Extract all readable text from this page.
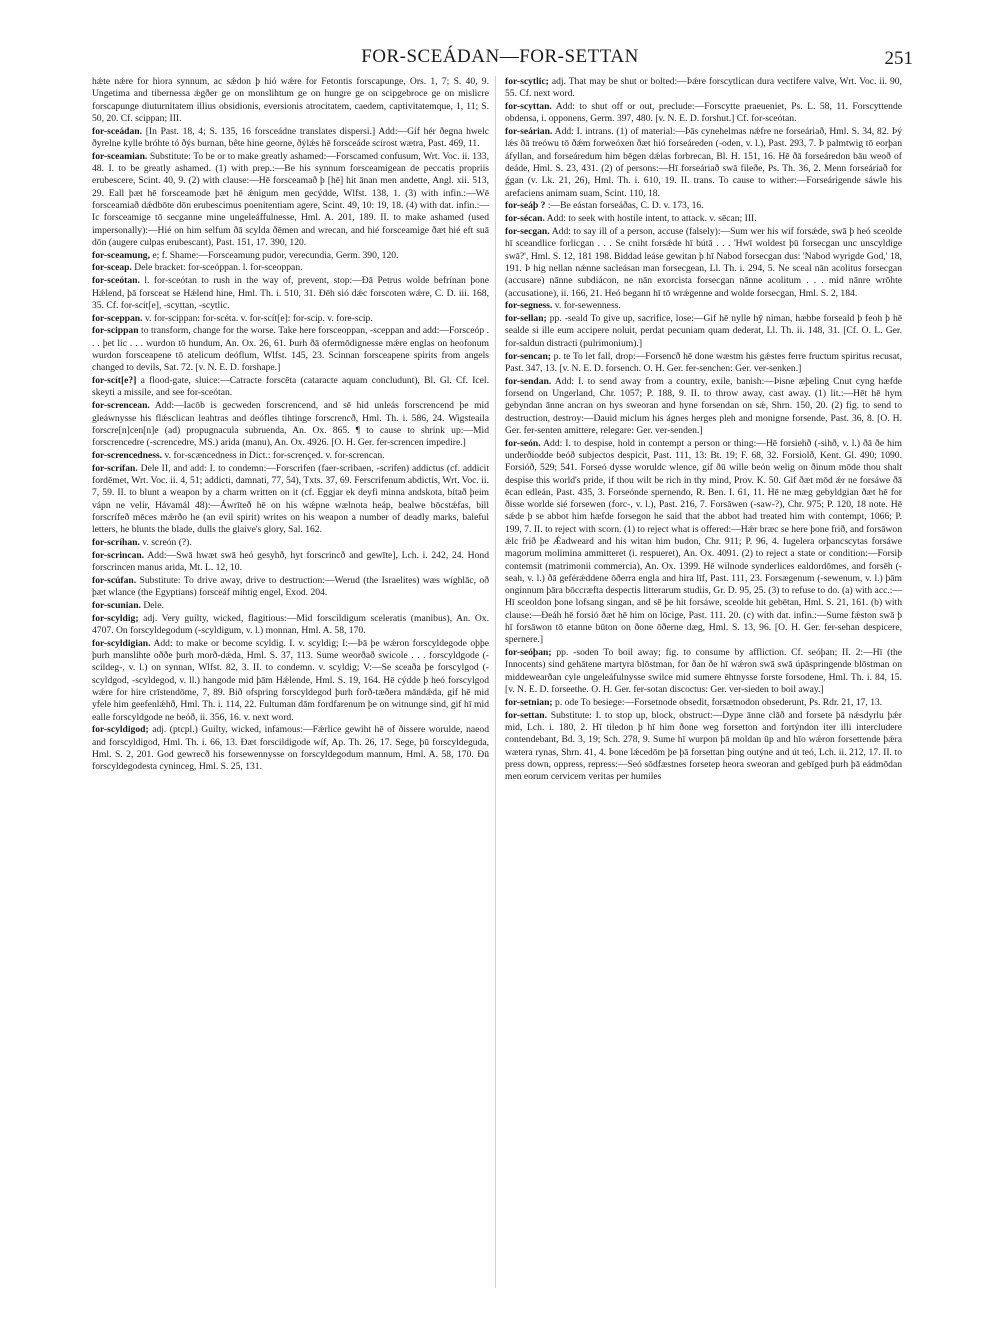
FOR-SCEÁDAN—FOR-SETTAN	251

hǽte nǽre for hiora synnum, ac sǽdon þ hió wǽre for Fetontis forscapunge, Ors. 1, 7; S. 40, 9. Ungetima and tibernessa ǽgðer ge on monslihtum ge on hungre ge on scipgebroce ge on mislicre forscapunge diuturnitatem illius obsidionis, eversionis atrocitatem, caedem, captivitatemque, 1, 11; S. 50, 20. Cf. scippan; III.

for-sceádan. [In Past. 18, 4; S. 135, 16 forsceádne translates dispersi.] Add:—Gif hér ðegna hwelc ðyrelne kylle bróhte tó ðýs burnan, bête hine georne, ðýlǽs hē forsceáde scírost wætra, Past. 469, 11.

for-sceamian. Substitute: To be or to make greatly ashamed:—Forscamed confusum, Wrt. Voc. ii. 133, 48. I. to be greatly ashamed. (1) with prep.:—Be his synnum forsceamigean de peccatis propriis erubescere, Scint. 40, 9. (2) with clause:—Hē forsceamað þ [hē] hit ānan men andette, Angl. xii. 513, 29. Eall þæt hē forsceamode þæt hē ǽnigum men gecýdde, Wlfst. 138, 1. (3) with infin.:—Wē forsceamiað dǽdbōte dōn erubescimus poenitentiam agere, Scint. 49, 10: 19, 18. (4) with dat. infin.:—Ic forsceamige tō secganne mine ungeleáffulnesse, Hml. A. 201, 189. II. to make ashamed (used impersonally):—Hié on him selfum ðā scylda ðēmen and wrecan, and hié forsceamige ðæt hié eft suā dōn (augere culpas erubescant), Past. 151, 17. 390, 120.

for-sceamung, e; f. Shame:—Forsceamung pudor, verecundia, Germ. 390, 120.

for-sceap. Dele bracket: for-sceóppan. l. for-sceoppan.

for-sceótan. l. for-sceótan to rush in the way of, prevent, stop:—Ðā Petrus wolde befrínan þone Hǽlend, þā forsceat se Hǽlend hine, Hml. Th. i. 510, 31. Ðēh sió dǽc forscoten wǽre, C. D. iii. 168, 35. Cf. for-scít[e], -scyttan, -scytlic.

for-sceppan. v. for-scippan: for-scéta. v. for-scít[e]: for-scip. v. fore-scip.

for-scippan to transform, change for the worse. Take here forsceoppan, -sceppan and add:—Forsceóp . . . þet líc . . . wurdon tō hundum, An. Ox. 26, 61. Þurh ðā ofermōdignesse mǽre englas on heofonum wurdon forsceapene tō atelicum deóflum, Wlfst. 145, 23. Scinnan forsceapene spirits from angels changed to devils, Sat. 72. [v. N. E. D. forshape.]

for-scít[e?] a flood-gate, sluice:—Catracte forscēta (cataracte aquam concludunt), Bl. Gl. Cf. Icel. skeyti a missile, and see for-sceótan.

for-screncean. Add:—Iacōb is gecweden forscrencend, and sē hid unleás forscrencend þe mid gleáwnysse his flǽsclican leahtras and deófles tihtinge forscrencð, Hml. Th. i. 586, 24. Wigsteaila forscre[n]cen[n]e (ad) propugnacula subruenda, An. Ox. 865. ¶ to cause to shrink up:—Mid forscrencedre (-screncedre, MS.) arida (manu), An. Ox. 4926. [O. H. Ger. fer-screncen impedire.]

for-screncedness. v. for-scæncedness in Dict.: for-scrençed. v. for-screncan.

for-scrífan. Dele II, and add: I. to condemn:—Forscrifen (faer-scribaen, -scrifen) addictus (cf. addicit fordēmet, Wrt. Voc. ii. 4, 51; addicti, damnati, 77, 54), Txts. 37, 69. Ferscrifenum abdictis, Wrt. Voc. ii. 7, 59. II. to blunt a weapon by a charm written on it (cf. Eggjar ek deyfi minna andskota, bítað þeim vápn ne velir, Hávamál 48):—Áwrīteð hē on his wǽpne wælnota heáp, bealwe bōcstǽfas, bill forscrífeð mēces mǽrðo he (an evil spirit) writes on his weapon a number of deadly marks, baleful letters, he blunts the blade, dulls the glaive's glory, Sal. 162.

for-scríhan. v. screón (?).

for-scrincan. Add:—Swā hwæt swā heó gesyhð, hyt forscrincð and gewīte], Lch. i. 242, 24. Hond forscrincen manus arida, Mt. L. 12, 10.

for-scúfan. Substitute: To drive away, drive to destruction:—Werud (the Israelites) wæs wíghlāc, oð þæt wlance (the Egyptians) forsceáf mihtig engel, Exod. 204.

for-scunian. Dele.

for-scyldig; adj. Very guilty, wicked, flagitious:—Mid forscildigum sceleratis (manibus), An. Ox. 4707. On forscyldegodum (-scyldigum, v. l.) monnan, Hml. A. 58, 170.

for-scyldigian. Add: to make or become scyldig. I. v. scyldig; I:—Þā þe wǽron forscyldegode oþþe þurh manslihte oððe þurh morð-dǽda, Hml. S. 37, 113. Sume weorðað swicole . . . forscyldgode (-scildeg-, v. l.) on synnan, Wlfst. 82, 3. II. to condemn. v. scyldig; V:—Se sceaða þe forscylgod (-scyldgod, -scyldegod, v. ll.) hangode mid þām Hǽlende, Hml. S. 19, 164. Hē cýdde þ heó forscylgod wǽre for hire crīstendōme, 7, 89. Bið ofspring forscyldegod þurh forð-tæðera māndǽda, gif hē mid yfele him geefenlǽhð, Hml. Th. i. 114, 22. Fultuman dām fordfarenum þe on witnunge sind, gif hī mid ealle forscyldgode ne beóð, ii. 356, 16. v. next word.

for-scyldigod; adj. (ptcpl.) Guilty, wicked, infamous:—Fǽrlice gewiht hē of ðissere worulde, naeod and forscyldigod, Hml. Th. i. 66, 13. Ðæt forscildigode wíf, Ap. Th. 26, 17. Sege, þū forscyldeguda, Hml. S. 2, 201. God gewrecð his forsewennysse on forscyldegodum mannum, Hml. A. 58, 170. Ðū forscyldegodesta cyninceg, Hml. S. 25, 131.

for-scytlic; adj. That may be shut or bolted:—Þǽre forscytlican dura vectifere valve, Wrt. Voc. ii. 90, 55. Cf. next word.

for-scyttan. Add: to shut off or out, preclude:—Forscytte praeueniet, Ps. L. 58, 11. Forscyttende obdensa, i. opponens, Germ. 397, 480. [v. N. E. D. forshut.] Cf. for-sceótan.

for-seárian. Add: I. intrans. (1) of material:—Þās cynehelmas nǽfre ne forseáriað, Hml. S. 34, 82. Þý lǽs ðā treówu tō ðǽm forweóxen ðæt hió forseáreden (-oden, v. l.), Past. 293, 7. Þ palmtwig tō eorþan áfyllan, and forseáredum him bēgen dǽlas forbrecan, Bl. H. 151, 16. Hē ðā forseáredon bāu weoð of deáde, Hml. S. 23, 431. (2) of persons:—Hī forseáriað swā fileðe, Ps. Th. 36, 2. Menn forseáriað for ǵgan (v. Lk. 21, 26), Hml. Th. i. 610, 19. II. trans. To cause to wither:—Forseárigende sáwle his arefaciens animam suam, Scint. 110, 18.

for-seáþ ? :—Be eástan forseáðas, C. D. v. 173, 16.

for-sécan. Add: to seek with hostile intent, to attack. v. sēcan; III.

for-secgan. Add: to say ill of a person, accuse (falsely):—Sum wer his wíf forsǽde, swā þ heó sceolde hī sceandlice forlicgan . . . Se cniht forsǽde hī bútā . . . 'Hwī woldest þū forsecgan unc unscyldige swā?', Hml. S. 12, 181 198. Biddad leáse gewitan þ hī Nabod forsecgan dus: 'Nabod wyrigde God,' 18, 191. Þ hig nellan nǽnne sacleásan man forsecgean, Ll. Th. i. 294, 5. Ne sceal nān acolitus forsecgan (accusare) nānne subdiácon, ne nān exorcista forsecgan nānne acolitum . . . mid nānre wrōhte (accusatione), ii. 166, 21. Heó begann hī tō wrǽgenne and wolde forsecgan, Hml. S. 2, 184.

for-segness. v. for-sewenness.

for-sellan; pp. -seald To give up, sacrifice, lose:—Gif hē nylle hȳ niman, hæbbe forseald þ feoh þ hē sealde si ille eum accipere noluit, perdat pecuniam quam dederat, Ll. Th. ii. 148, 31. [Cf. O. L. Ger. for-saldun distracti (pulrimonium).]

for-sencan; p. te To let fall, drop:—Forsencð hē done wæstm his gǽstes ferre fructum spiritus recusat, Past. 347, 13. [v. N. E. D. forsench. O. H. Ger. fer-senchen: Ger. ver-senken.]

for-sendan. Add: I. to send away from a country, exile, banish:—Þisne æþeling Cnut cyng hæfde forsend on Ungerland, Chr. 1057; P. 188, 9. II. to throw away, cast away. (1) lit.:—Hēt hē hym gebyndan ānne ancran on hys sweoran and hyne forsendan on sǽ, Shrn. 150, 20. (2) fig. to send to destruction, destroy:—Dauid miclum his ágnes herges pleh and monigne forsende, Past. 36, 8. [O. H. Ger. fer-senten amittere, relegare: Ger. ver-senden.]

for-seón. Add: I. to despise, hold in contempt a person or thing:—Hē forsiehð (-sihð, v. l.) ðā ðe him underðíodde beóð subjectos despicit, Past. 111, 13: Bt. 19; F. 68, 32. Forsiolð, Kent. Gl. 490; 1090. Forsióð, 529; 541. Forseó dysse woruldc wlence, gif ðū wille beón welig on ðinum mōde thou shalt despise this world's pride, if thou wilt be rich in thy mind, Prov. K. 50. Gif ðæt mōd ǽr ne forsáwe ðā ēcan edleán, Past. 435, 3. Forseónde spernendo, R. Ben. I. 61, 11. Hē ne mæg gebyldgian ðæt hē for ðisse worlde sié forsewen (forc-, v. l.), Past. 216, 7. Forsāwen (-saw-?), Chr. 975; P. 120, 18 note. Hē sǽde þ se abbot him hæfde forsegon he said that the abbot had treated him with contempt, 1066; P. 199, 7. II. to reject with scorn. (1) to reject what is offered:—Hǽr bræc se here þone frið, and forsāwon ǽlc frið þe Ǽadweard and his witan him budon, Chr. 911; P. 96, 4. Iugelera orþancscytas forsáwe magorum molimina ammitteret (i. respueret), An. Ox. 4091. (2) to reject a state or condition:—Forsiþ contemsit (matrimonii commercia), An. Ox. 1399. Hē wilnode synderlices ealdordōmes, and forsēh (-seah, v. l.) ðā geférǽddene ōðerra engla and hira līf, Past. 111, 23. Forsægenum (-sewenum, v. l.) þām onginnum þāra bōccræfta despectis litterarum studiis, Gr. D. 95, 25. (3) to refuse to do. (a) with acc.:—Hī sceoldon þone lofsang singan, and sē þe hit forsáwe, sceolde hit gebētan, Hml. S. 21, 161. (b) with clause:—Ðeáh hē forsió ðæt hē him on lōcige, Past. 111. 20. (c) with dat. infin.:—Sume fǽston swā þ hī forsāwon tō etanne būton on ðone ōðerne dæg, Hml. S. 13, 96. [O. H. Ger. fer-sehan despicere, spernere.]

for-seóþan; pp. -soden To boil away; fig. to consume by affliction. Cf. seóþan; II. 2:—Hī (the Innocents) sind gehātene martyra blōstman, for ðan ðe hī wǽron swā swā úpāspringende blōstman on middewearðan cyle ungeleáfulnysse swilce mid sumere ēhtnysse forste forsodene, Hml. Th. i. 84, 15. [v. N. E. D. forseethe. O. H. Ger. fer-sotan discoctus: Ger. ver-sieden to boil away.]

for-setnian; p. ode To besiege:—Forsetnode obsedit, forsætnodon obsederunt, Ps. Rdr. 21, 17, 13.

for-settan. Substitute: I. to stop up, block, obstruct:—Dype ānne clāð and forsete þā nǽsdyrlu þǽr mid, Lch. i. 180, 2. Hī tiledon þ hī him ðone weg forsetton and fortýndon iter illi intercludere contendebant, Bd. 3, 19; Sch. 278, 9. Sume hī wurpon þā moldan ūp and hīo wǽron forsettende þǽra wætera rynas, Shrn. 41, 4. Þone lǽcedōm þe þā forsettan þing outýne and út teó, Lch. ii. 212, 17. II. to press down, oppress, repress:—Seó sōdfæstnes forsetep heora sweoran and gebīged þurh þā eádmōdan men eorum cervicem veritas per humiles
